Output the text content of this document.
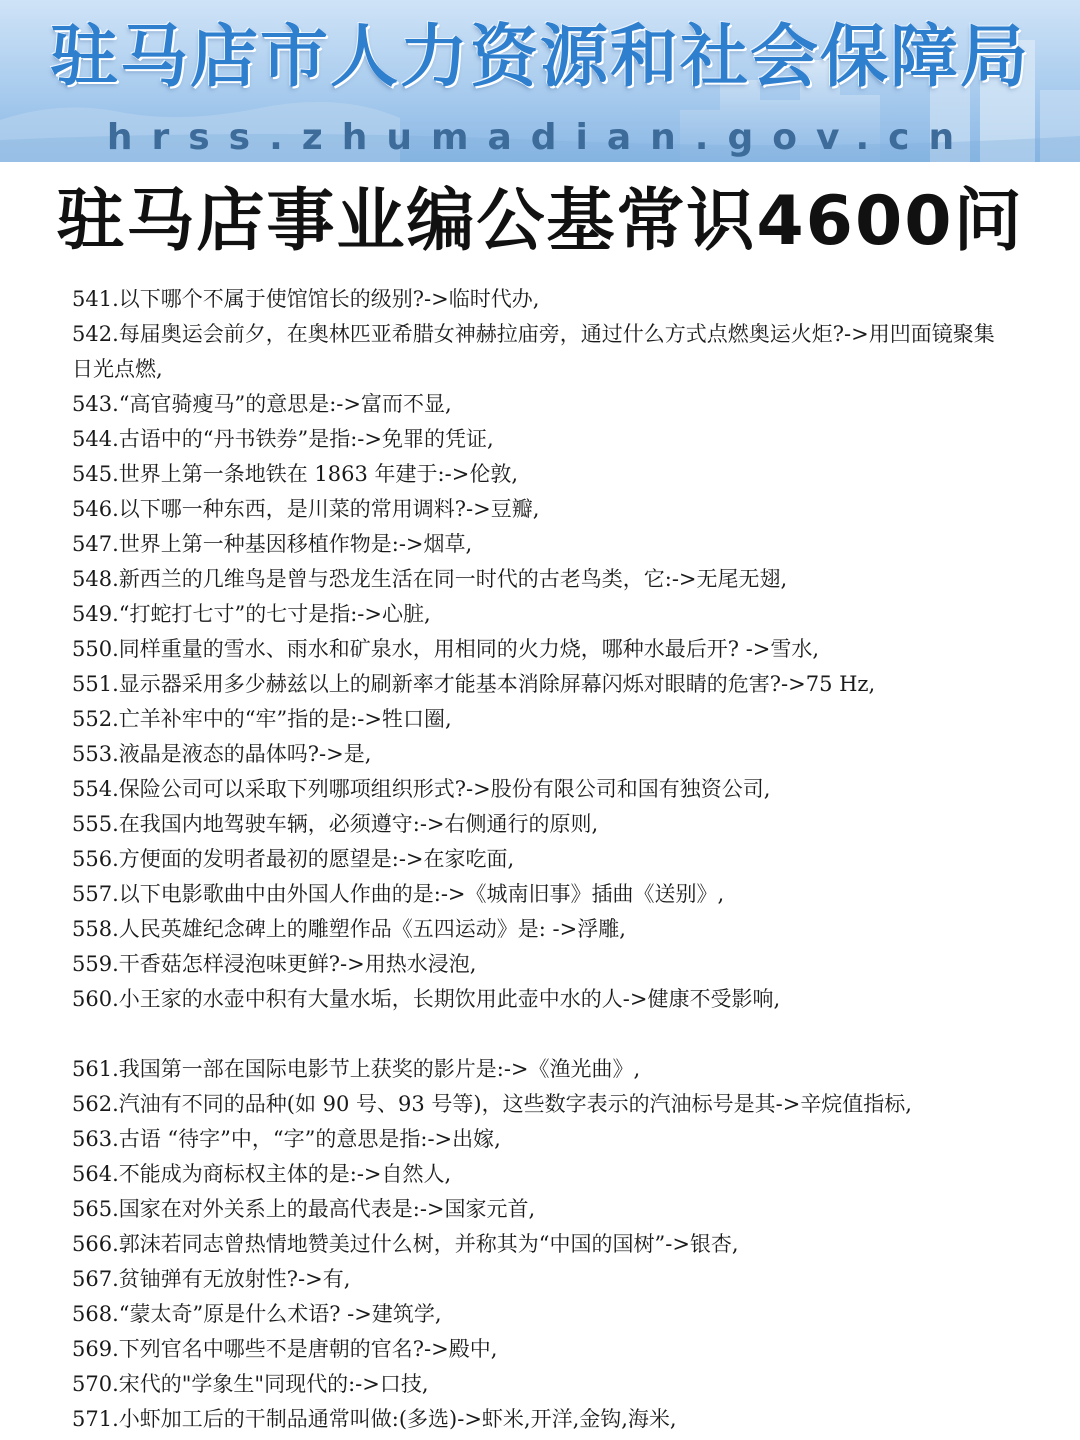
驻马店市人力资源和社会保障局
hrss.zhumadian.gov.cn
驻马店事业编公基常识4600问
541.以下哪个不属于使馆馆长的级别?->临时代办,
542.每届奥运会前夕，在奥林匹亚希腊女神赫拉庙旁，通过什么方式点燃奥运火炬?->用凹面镜聚集日光点燃,
543.“高官骑瘦马”的意思是:->富而不显,
544.古语中的“丹书铁券”是指:->免罪的凭证,
545.世界上第一条地铁在 1863 年建于:->伦敦,
546.以下哪一种东西，是川菜的常用调料?->豆瓣,
547.世界上第一种基因移植作物是:->烟草,
548.新西兰的几维鸟是曾与恐龙生活在同一时代的古老鸟类，它:->无尾无翅,
549.“打蛇打七寸”的七寸是指:->心脏,
550.同样重量的雪水、雨水和矿泉水，用相同的火力烧，哪种水最后开? ->雪水,
551.显示器采用多少赫兹以上的刷新率才能基本消除屏幕闪烁对眼睛的危害?->75 Hz,
552.亡羊补牢中的“牢”指的是:->牲口圈,
553.液晶是液态的晶体吗?->是,
554.保险公司可以采取下列哪项组织形式?->股份有限公司和国有独资公司,
555.在我国内地驾驶车辆，必须遵守:->右侧通行的原则,
556.方便面的发明者最初的愿望是:->在家吃面,
557.以下电影歌曲中由外国人作曲的是:->《城南旧事》插曲《送别》,
558.人民英雄纪念碑上的雕塑作品《五四运动》是: ->浮雕,
559.干香菇怎样浸泡味更鲜?->用热水浸泡,
560.小王家的水壶中积有大量水垢，长期饮用此壶中水的人->健康不受影响,
561.我国第一部在国际电影节上获奖的影片是:->《渔光曲》,
562.汽油有不同的品种(如 90 号、93 号等)，这些数字表示的汽油标号是其->辛烷值指标,
563.古语 “待字”中，“字”的意思是指:->出嫁,
564.不能成为商标权主体的是:->自然人,
565.国家在对外关系上的最高代表是:->国家元首,
566.郭沫若同志曾热情地赞美过什么树，并称其为“中国的国树”->银杏,
567.贫铀弹有无放射性?->有,
568.“蒙太奇”原是什么术语? ->建筑学,
569.下列官名中哪些不是唐朝的官名?->殿中,
570.宋代的"学象生"同现代的:->口技,
571.小虾加工后的干制品通常叫做:(多选)->虾米,开洋,金钩,海米,
